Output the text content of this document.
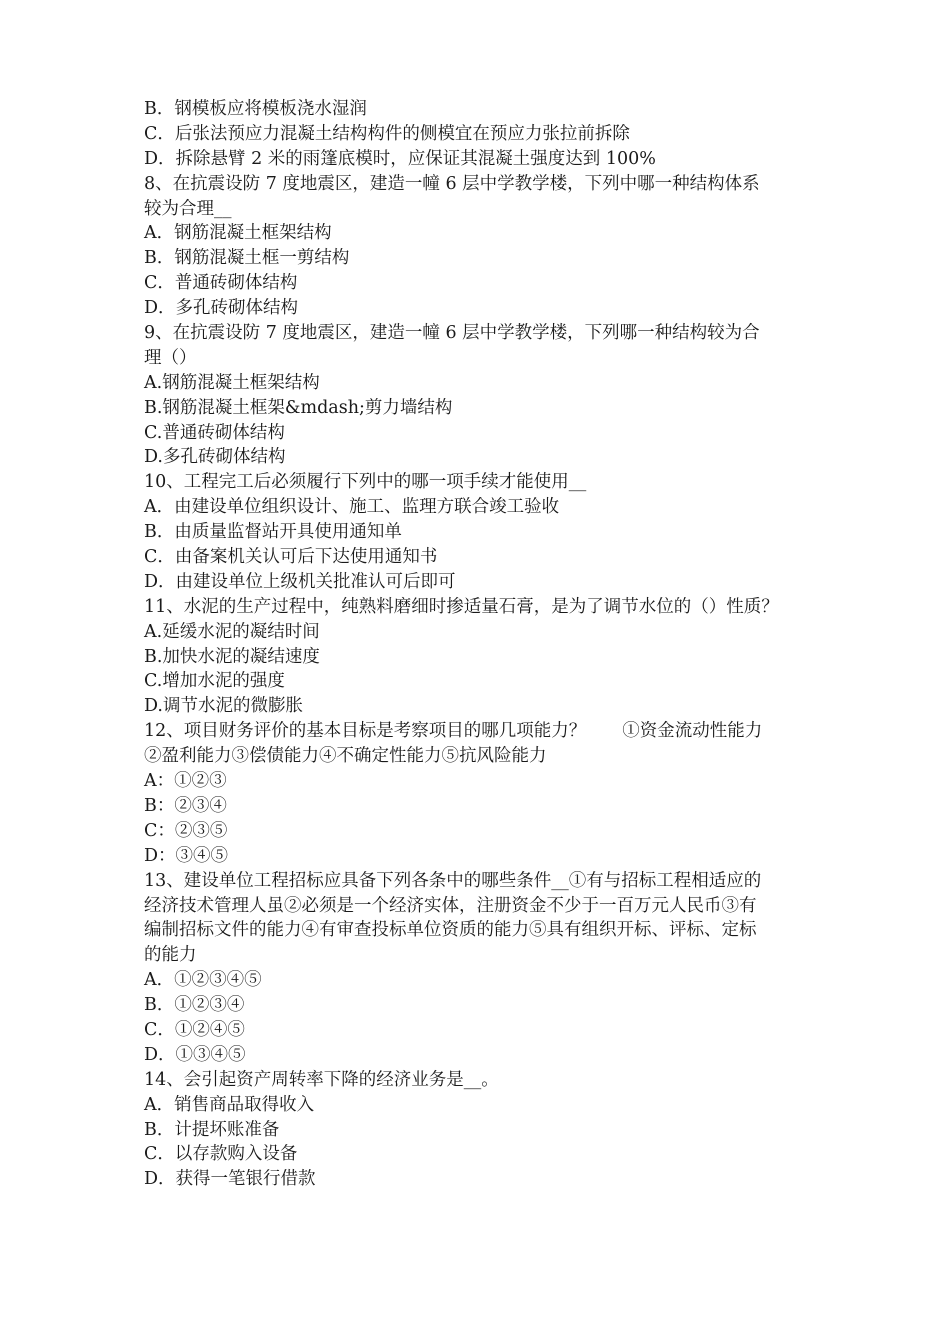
B．钢模板应将模板浇水湿润
C．后张法预应力混凝土结构构件的侧模宜在预应力张拉前拆除
D．拆除悬臂 2 米的雨篷底模时，应保证其混凝土强度达到 100%
8、在抗震设防 7 度地震区，建造一幢 6 层中学教学楼，下列中哪一种结构体系
较为合理__
A．钢筋混凝土框架结构
B．钢筋混凝土框一剪结构
C．普通砖砌体结构
D．多孔砖砌体结构
9、在抗震设防 7 度地震区，建造一幢 6 层中学教学楼，下列哪一种结构较为合
理（）
A.钢筋混凝土框架结构
B.钢筋混凝土框架&mdash;剪力墙结构
C.普通砖砌体结构
D.多孔砖砌体结构
10、工程完工后必须履行下列中的哪一项手续才能使用__
A．由建设单位组织设计、施工、监理方联合竣工验收
B．由质量监督站开具使用通知单
C．由备案机关认可后下达使用通知书
D．由建设单位上级机关批准认可后即可
11、水泥的生产过程中，纯熟料磨细时掺适量石膏，是为了调节水位的（）性质？
A.延缓水泥的凝结时间
B.加快水泥的凝结速度
C.增加水泥的强度
D.调节水泥的微膨胀
12、项目财务评价的基本目标是考察项目的哪几项能力？ ①资金流动性能力
②盈利能力③偿债能力④不确定性能力⑤抗风险能力
A：①②③
B：②③④
C：②③⑤
D：③④⑤
13、建设单位工程招标应具备下列各条中的哪些条件__①有与招标工程相适应的
经济技术管理人虽②必须是一个经济实体，注册资金不少于一百万元人民币③有
编制招标文件的能力④有审查投标单位资质的能力⑤具有组织开标、评标、定标
的能力
A．①②③④⑤
B．①②③④
C．①②④⑤
D．①③④⑤
14、会引起资产周转率下降的经济业务是__。
A．销售商品取得收入
B．计提坏账准备
C．以存款购入设备
D．获得一笔银行借款
